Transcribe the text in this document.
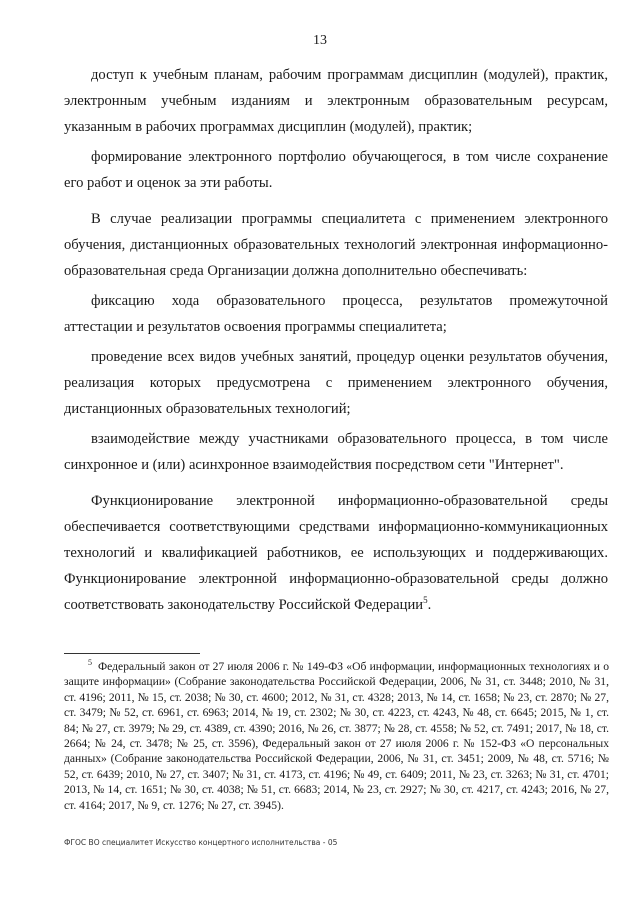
13

доступ к учебным планам, рабочим программам дисциплин (модулей), практик, электронным учебным изданиям и электронным образовательным ресурсам, указанным в рабочих программах дисциплин (модулей), практик;

формирование электронного портфолио обучающегося, в том числе сохранение его работ и оценок за эти работы.

В случае реализации программы специалитета с применением электронного обучения, дистанционных образовательных технологий электронная информационно-образовательная среда Организации должна дополнительно обеспечивать:

фиксацию хода образовательного процесса, результатов промежуточной аттестации и результатов освоения программы специалитета;

проведение всех видов учебных занятий, процедур оценки результатов обучения, реализация которых предусмотрена с применением электронного обучения, дистанционных образовательных технологий;

взаимодействие между участниками образовательного процесса, в том числе синхронное и (или) асинхронное взаимодействия посредством сети "Интернет".

Функционирование электронной информационно-образовательной среды обеспечивается соответствующими средствами информационно-коммуникационных технологий и квалификацией работников, ее использующих и поддерживающих. Функционирование электронной информационно-образовательной среды должно соответствовать законодательству Российской Федерации$^5$.

$^5$ Федеральный закон от 27 июля 2006 г. № 149-ФЗ «Об информации, информационных технологиях и о защите информации» (Собрание законодательства Российской Федерации, 2006, № 31, ст. 3448; 2010, № 31, ст. 4196; 2011, № 15, ст. 2038; № 30, ст. 4600; 2012, № 31, ст. 4328; 2013, № 14, ст. 1658; № 23, ст. 2870; № 27, ст. 3479; № 52, ст. 6961, ст. 6963; 2014, № 19, ст. 2302; № 30, ст. 4223, ст. 4243, № 48, ст. 6645; 2015, № 1, ст. 84; № 27, ст. 3979; № 29, ст. 4389, ст. 4390; 2016, № 26, ст. 3877; № 28, ст. 4558; № 52, ст. 7491; 2017, № 18, ст. 2664; № 24, ст. 3478; № 25, ст. 3596), Федеральный закон от 27 июля 2006 г. № 152-ФЗ «О персональных данных» (Собрание законодательства Российской Федерации, 2006, № 31, ст. 3451; 2009, № 48, ст. 5716; № 52, ст. 6439; 2010, № 27, ст. 3407; № 31, ст. 4173, ст. 4196; № 49, ст. 6409; 2011, № 23, ст. 3263; № 31, ст. 4701; 2013, № 14, ст. 1651; № 30, ст. 4038; № 51, ст. 6683; 2014, № 23, ст. 2927; № 30, ст. 4217, ст. 4243; 2016, № 27, ст. 4164; 2017, № 9, ст. 1276; № 27, ст. 3945).

ФГОС ВО специалитет Искусство концертного исполнительства - 05
